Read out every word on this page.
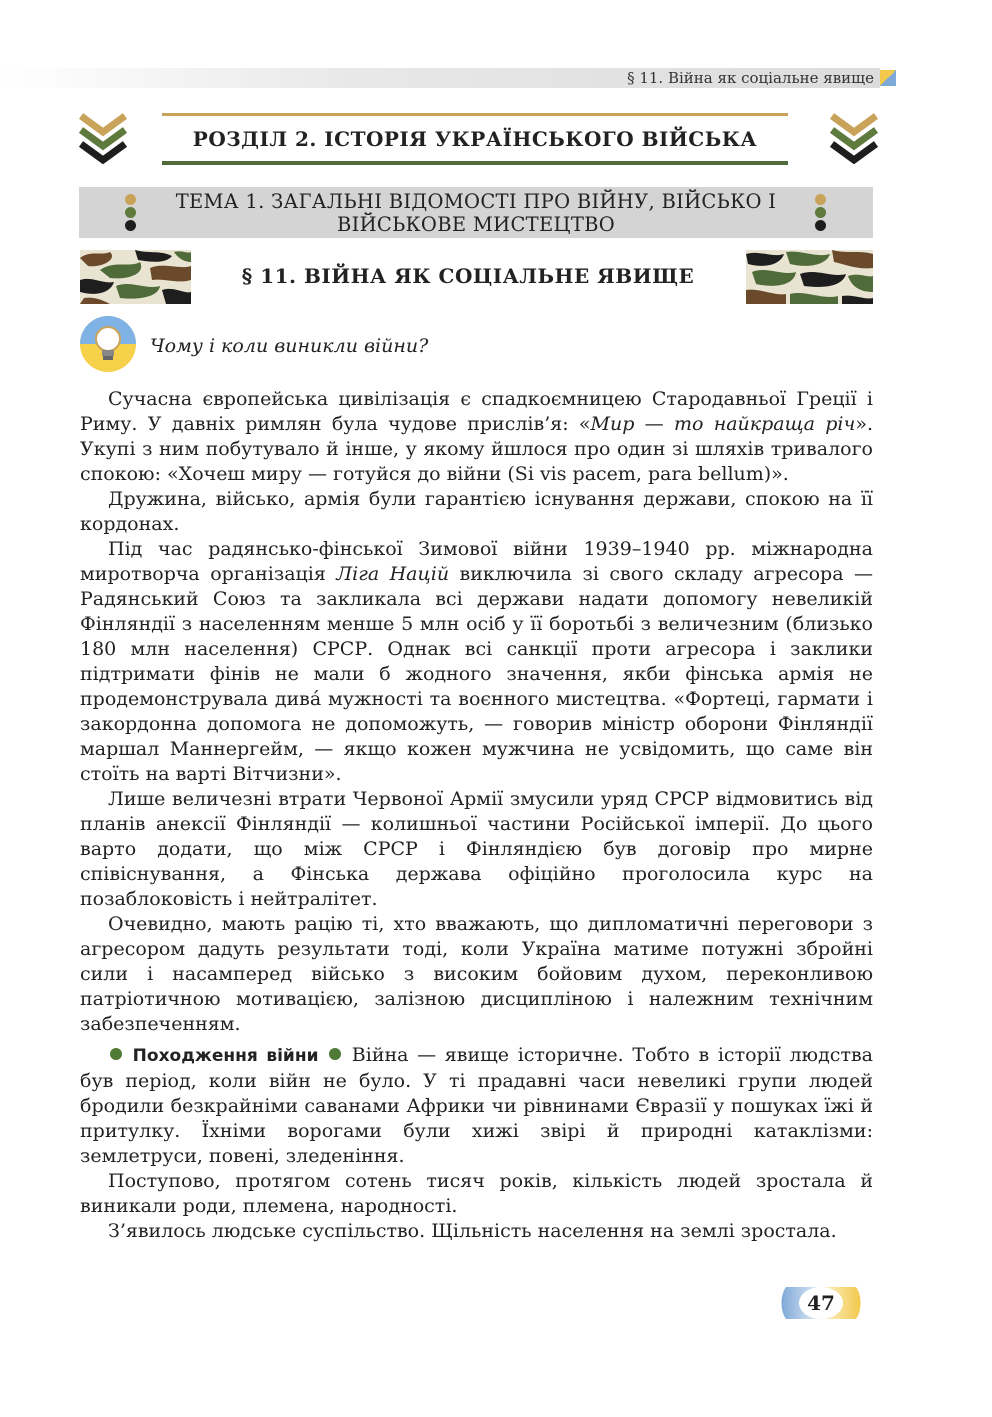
§ 11. Війна як соціальне явище
РОЗДІЛ 2. ІСТОРІЯ УКРАЇНСЬКОГО ВІЙСЬКА
ТЕМА 1. ЗАГАЛЬНІ ВІДОМОСТІ ПРО ВІЙНУ, ВІЙСЬКО І
ВІЙСЬКОВЕ МИСТЕЦТВО
§ 11. ВІЙНА ЯК СОЦІАЛЬНЕ ЯВИЩЕ
Чому і коли виникли війни?

Сучасна європейська цивілізація є спадкоємницею Стародавньої Греції і Риму. У давніх римлян була чудове прислів’я: «Мир — то найкраща річ». Укупі з ним побутувало й інше, у якому йшлося про один зі шляхів тривалого спокою: «Хочеш миру — готуйся до війни (Si vis pacem, para bellum)».

Дружина, військо, армія були гарантією існування держави, спокою на її кордонах.

Під час радянсько-фінської Зимової війни 1939–1940 рр. міжнародна миротворча організація Ліга Націй виключила зі свого складу агресора — Радянський Союз та закликала всі держави надати допомогу невеликій Фінляндії з населенням менше 5 млн осіб у її боротьбі з величезним (близько 180 млн населення) СРСР. Однак всі санкції проти агресора і заклики підтримати фінів не мали б жодного значення, якби фінська армія не продемонструвала дива́ мужності та воєнного мистецтва. «Фортеці, гармати і закордонна допомога не допоможуть, — говорив міністр оборони Фінляндії маршал Маннергейм, — якщо кожен мужчина не усвідомить, що саме він стоїть на варті Вітчизни».

Лише величезні втрати Червоної Армії змусили уряд СРСР відмовитись від планів анексії Фінляндії — колишньої частини Російської імперії. До цього варто додати, що між СРСР і Фінляндією був договір про мирне співіснування, а Фінська держава офіційно проголосила курс на позаблоковість і нейтралітет.

Очевидно, мають рацію ті, хто вважають, що дипломатичні переговори з агресором дадуть результати тоді, коли Україна матиме потужні збройні сили і насамперед військо з високим бойовим духом, переконливою патріотичною мотивацією, залізною дисципліною і належним технічним забезпеченням.

Походження війни Війна — явище історичне. Тобто в історії людства був період, коли війн не було. У ті прадавні часи невеликі групи людей бродили безкрайніми саванами Африки чи рівнинами Євразії у пошуках їжі й притулку. Їхніми ворогами були хижі звірі й природні катаклізми: землетруси, повені, зледеніння.

Поступово, протягом сотень тисяч років, кількість людей зростала й виникали роди, племена, народності.

З’явилось людське суспільство. Щільність населення на землі зростала.

47
